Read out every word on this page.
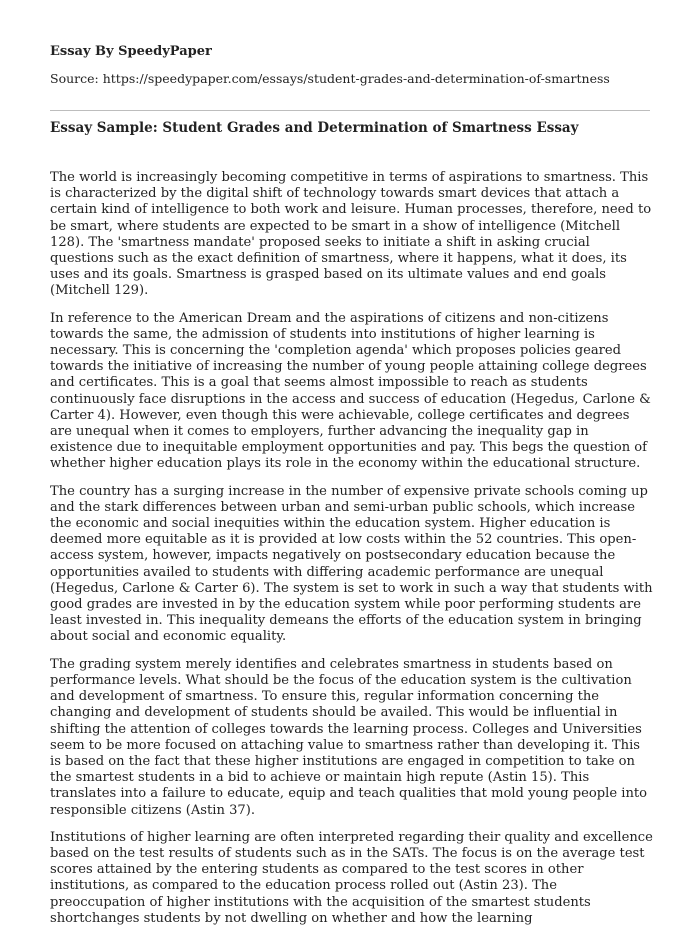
Essay By SpeedyPaper
Source: https://speedypaper.com/essays/student-grades-and-determination-of-smartness
Essay Sample: Student Grades and Determination of Smartness Essay

The world is increasingly becoming competitive in terms of aspirations to smartness. This is characterized by the digital shift of technology towards smart devices that attach a certain kind of intelligence to both work and leisure. Human processes, therefore, need to be smart, where students are expected to be smart in a show of intelligence (Mitchell 128). The 'smartness mandate' proposed seeks to initiate a shift in asking crucial questions such as the exact definition of smartness, where it happens, what it does, its uses and its goals. Smartness is grasped based on its ultimate values and end goals (Mitchell 129).

In reference to the American Dream and the aspirations of citizens and non-citizens towards the same, the admission of students into institutions of higher learning is necessary. This is concerning the 'completion agenda' which proposes policies geared towards the initiative of increasing the number of young people attaining college degrees and certificates. This is a goal that seems almost impossible to reach as students continuously face disruptions in the access and success of education (Hegedus, Carlone & Carter 4). However, even though this were achievable, college certificates and degrees are unequal when it comes to employers, further advancing the inequality gap in existence due to inequitable employment opportunities and pay. This begs the question of whether higher education plays its role in the economy within the educational structure.

The country has a surging increase in the number of expensive private schools coming up and the stark differences between urban and semi-urban public schools, which increase the economic and social inequities within the education system. Higher education is deemed more equitable as it is provided at low costs within the 52 countries. This open-access system, however, impacts negatively on postsecondary education because the opportunities availed to students with differing academic performance are unequal (Hegedus, Carlone & Carter 6). The system is set to work in such a way that students with good grades are invested in by the education system while poor performing students are least invested in. This inequality demeans the efforts of the education system in bringing about social and economic equality.

The grading system merely identifies and celebrates smartness in students based on performance levels. What should be the focus of the education system is the cultivation and development of smartness. To ensure this, regular information concerning the changing and development of students should be availed. This would be influential in shifting the attention of colleges towards the learning process. Colleges and Universities seem to be more focused on attaching value to smartness rather than developing it. This is based on the fact that these higher institutions are engaged in competition to take on the smartest students in a bid to achieve or maintain high repute (Astin 15). This translates into a failure to educate, equip and teach qualities that mold young people into responsible citizens (Astin 37).

Institutions of higher learning are often interpreted regarding their quality and excellence based on the test results of students such as in the SATs. The focus is on the average test scores attained by the entering students as compared to the test scores in other institutions, as compared to the education process rolled out (Astin 23). The preoccupation of higher institutions with the acquisition of the smartest students shortchanges students by not dwelling on whether and how the learning
